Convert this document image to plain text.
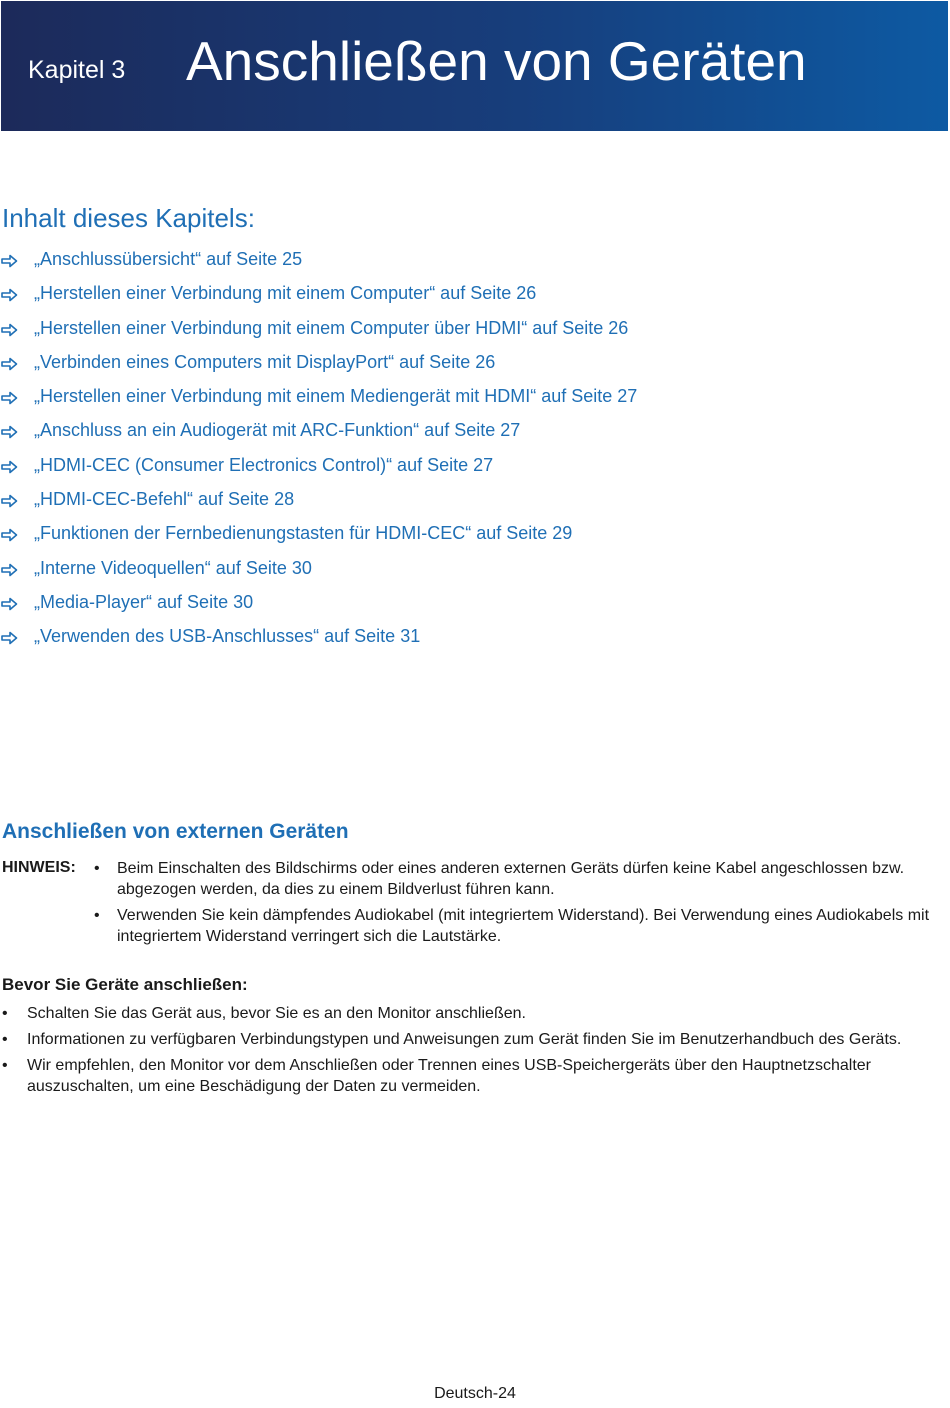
Kapitel 3 Anschließen von Geräten
Inhalt dieses Kapitels:
„Anschlussübersicht“ auf Seite 25
„Herstellen einer Verbindung mit einem Computer“ auf Seite 26
„Herstellen einer Verbindung mit einem Computer über HDMI“ auf Seite 26
„Verbinden eines Computers mit DisplayPort“ auf Seite 26
„Herstellen einer Verbindung mit einem Mediengerät mit HDMI“ auf Seite 27
„Anschluss an ein Audiogerät mit ARC-Funktion“ auf Seite 27
„HDMI-CEC (Consumer Electronics Control)“ auf Seite 27
„HDMI-CEC-Befehl“ auf Seite 28
„Funktionen der Fernbedienungstasten für HDMI-CEC“ auf Seite 29
„Interne Videoquellen“ auf Seite 30
„Media-Player“ auf Seite 30
„Verwenden des USB-Anschlusses“ auf Seite 31
Anschließen von externen Geräten
HINWEIS: • Beim Einschalten des Bildschirms oder eines anderen externen Geräts dürfen keine Kabel angeschlossen bzw. abgezogen werden, da dies zu einem Bildverlust führen kann.
• Verwenden Sie kein dämpfendes Audiokabel (mit integriertem Widerstand). Bei Verwendung eines Audiokabels mit integriertem Widerstand verringert sich die Lautstärke.
Bevor Sie Geräte anschließen:
• Schalten Sie das Gerät aus, bevor Sie es an den Monitor anschließen.
• Informationen zu verfügbaren Verbindungstypen und Anweisungen zum Gerät finden Sie im Benutzerhandbuch des Geräts.
• Wir empfehlen, den Monitor vor dem Anschließen oder Trennen eines USB-Speichergeräts über den Hauptnetzschalter auszuschalten, um eine Beschädigung der Daten zu vermeiden.
Deutsch-24
